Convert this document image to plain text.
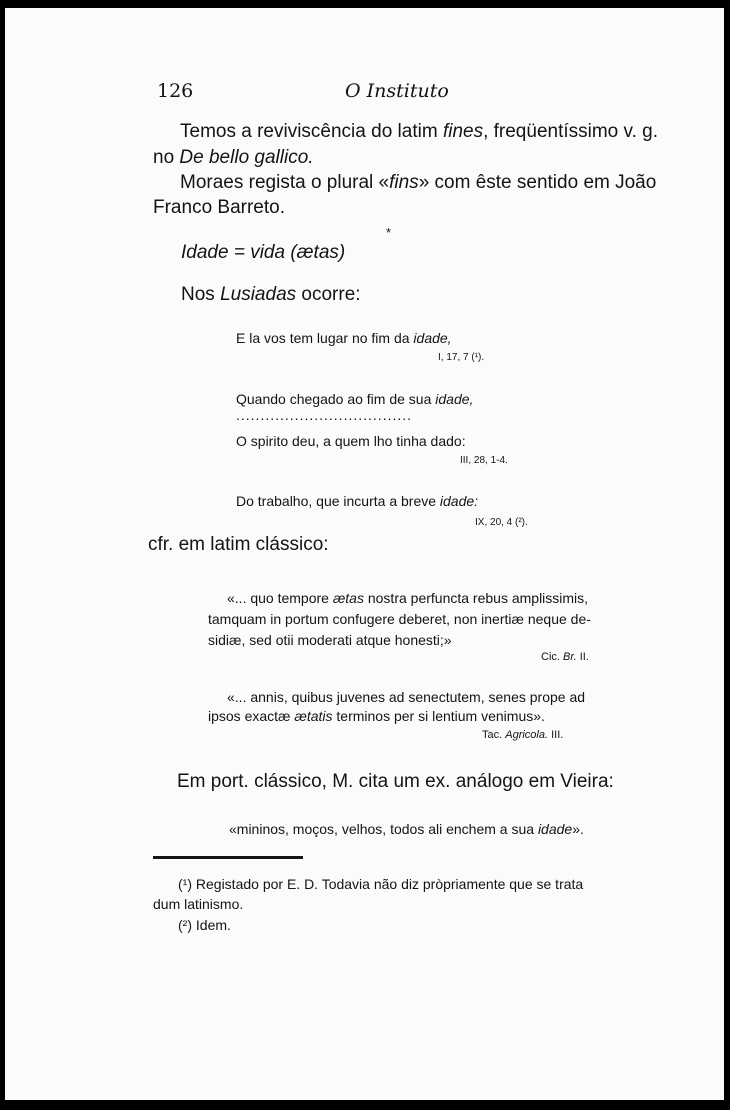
126	O Instituto
Temos a reviviscência do latim fines, freqüentíssimo v. g.
no De bello gallico.
Moraes regista o plural «fins» com êste sentido em João
Franco Barreto.
*
Idade = vida (ætas)
Nos Lusiadas ocorre:
E la vos tem lugar no fim da idade,
I, 17, 7 (¹).
Quando chegado ao fim de sua idade,
....................................
O spirito deu, a quem lho tinha dado:
III, 28, 1-4.
Do trabalho, que incurta a breve idade:
IX, 20, 4 (²).
cfr. em latim clássico:
«... quo tempore ætas nostra perfuncta rebus amplissimis,
tamquam in portum confugere deberet, non inertiæ neque de-
sidiæ, sed otii moderati atque honesti;»
Cic. Br. II.
«... annis, quibus juvenes ad senectutem, senes prope ad
ipsos exactæ ætatis terminos per si lentium venimus».
Tac. Agricola. III.
Em port. clássico, M. cita um ex. análogo em Vieira:
«mininos, moços, velhos, todos ali enchem a sua idade».
(¹) Registado por E. D. Todavia não diz pròpriamente que se trata
dum latinismo.
(²) Idem.
